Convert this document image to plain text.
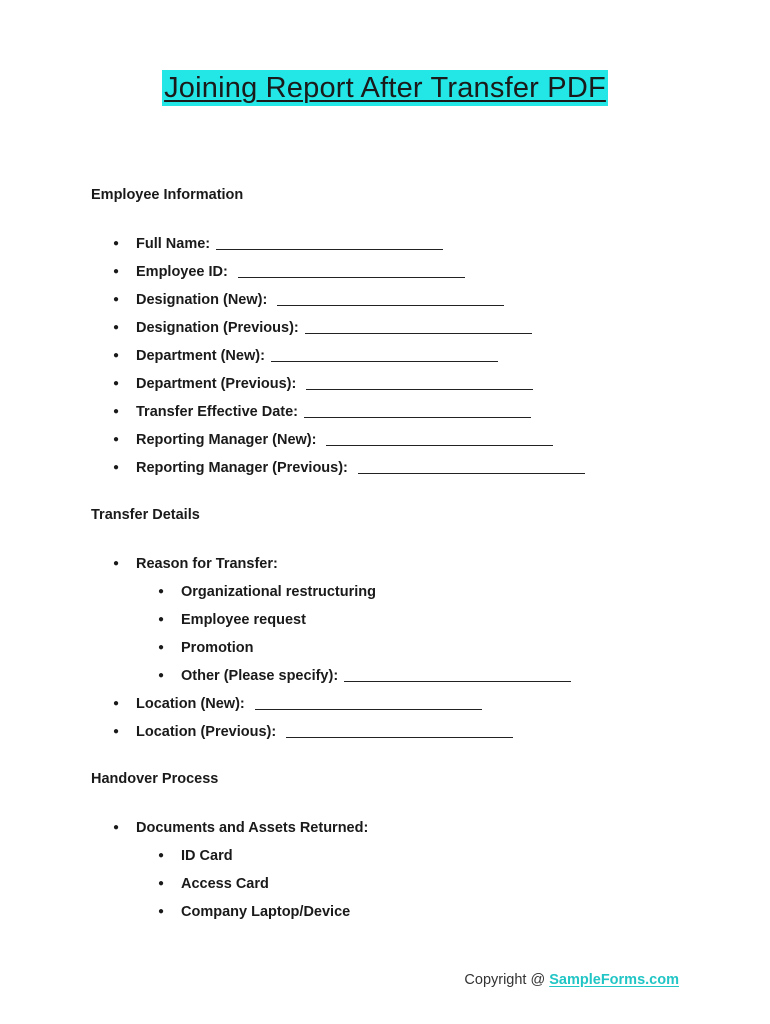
Joining Report After Transfer PDF
Employee Information
●	Full Name:
●	Employee ID:
●	Designation (New):
●	Designation (Previous):
●	Department (New):
●	Department (Previous):
●	Transfer Effective Date:
●	Reporting Manager (New):
●	Reporting Manager (Previous):
Transfer Details
●	Reason for Transfer:
●	Organizational restructuring
●	Employee request
●	Promotion
●	Other (Please specify):
●	Location (New):
●	Location (Previous):
Handover Process
●	Documents and Assets Returned:
●	ID Card
●	Access Card
●	Company Laptop/Device
Copyright @ SampleForms.com
